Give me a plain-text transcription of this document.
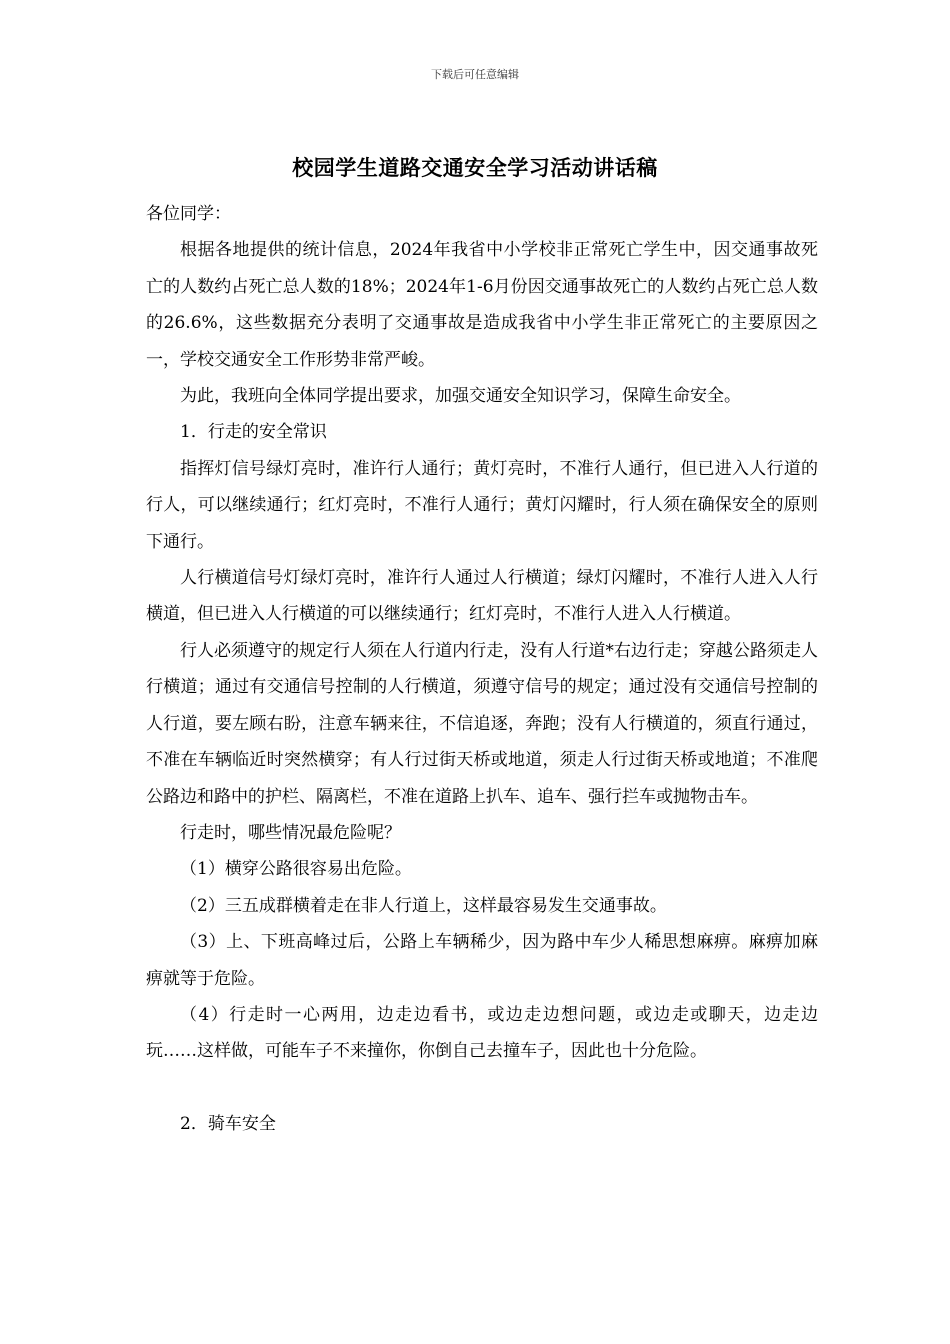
下载后可任意编辑
校园学生道路交通安全学习活动讲话稿

各位同学：

根据各地提供的统计信息，2024年我省中小学校非正常死亡学生中，因交通事故死亡的人数约占死亡总人数的18%；2024年1-6月份因交通事故死亡的人数约占死亡总人数的26.6%，这些数据充分表明了交通事故是造成我省中小学生非正常死亡的主要原因之一，学校交通安全工作形势非常严峻。

为此，我班向全体同学提出要求，加强交通安全知识学习，保障生命安全。

1．行走的安全常识

指挥灯信号绿灯亮时，准许行人通行；黄灯亮时，不准行人通行，但已进入人行道的行人，可以继续通行；红灯亮时，不准行人通行；黄灯闪耀时，行人须在确保安全的原则下通行。

人行横道信号灯绿灯亮时，准许行人通过人行横道；绿灯闪耀时，不准行人进入人行横道，但已进入人行横道的可以继续通行；红灯亮时，不准行人进入人行横道。

行人必须遵守的规定行人须在人行道内行走，没有人行道*右边行走；穿越公路须走人行横道；通过有交通信号控制的人行横道，须遵守信号的规定；通过没有交通信号控制的人行道，要左顾右盼，注意车辆来往，不信追逐，奔跑；没有人行横道的，须直行通过，不准在车辆临近时突然横穿；有人行过街天桥或地道，须走人行过街天桥或地道；不准爬公路边和路中的护栏、隔离栏，不准在道路上扒车、追车、强行拦车或抛物击车。

行走时，哪些情况最危险呢？

（1）横穿公路很容易出危险。

（2）三五成群横着走在非人行道上，这样最容易发生交通事故。

（3）上、下班高峰过后，公路上车辆稀少，因为路中车少人稀思想麻痹。麻痹加麻痹就等于危险。

（4）行走时一心两用，边走边看书，或边走边想问题，或边走或聊天，边走边玩……这样做，可能车子不来撞你，你倒自己去撞车子，因此也十分危险。

2．骑车安全
